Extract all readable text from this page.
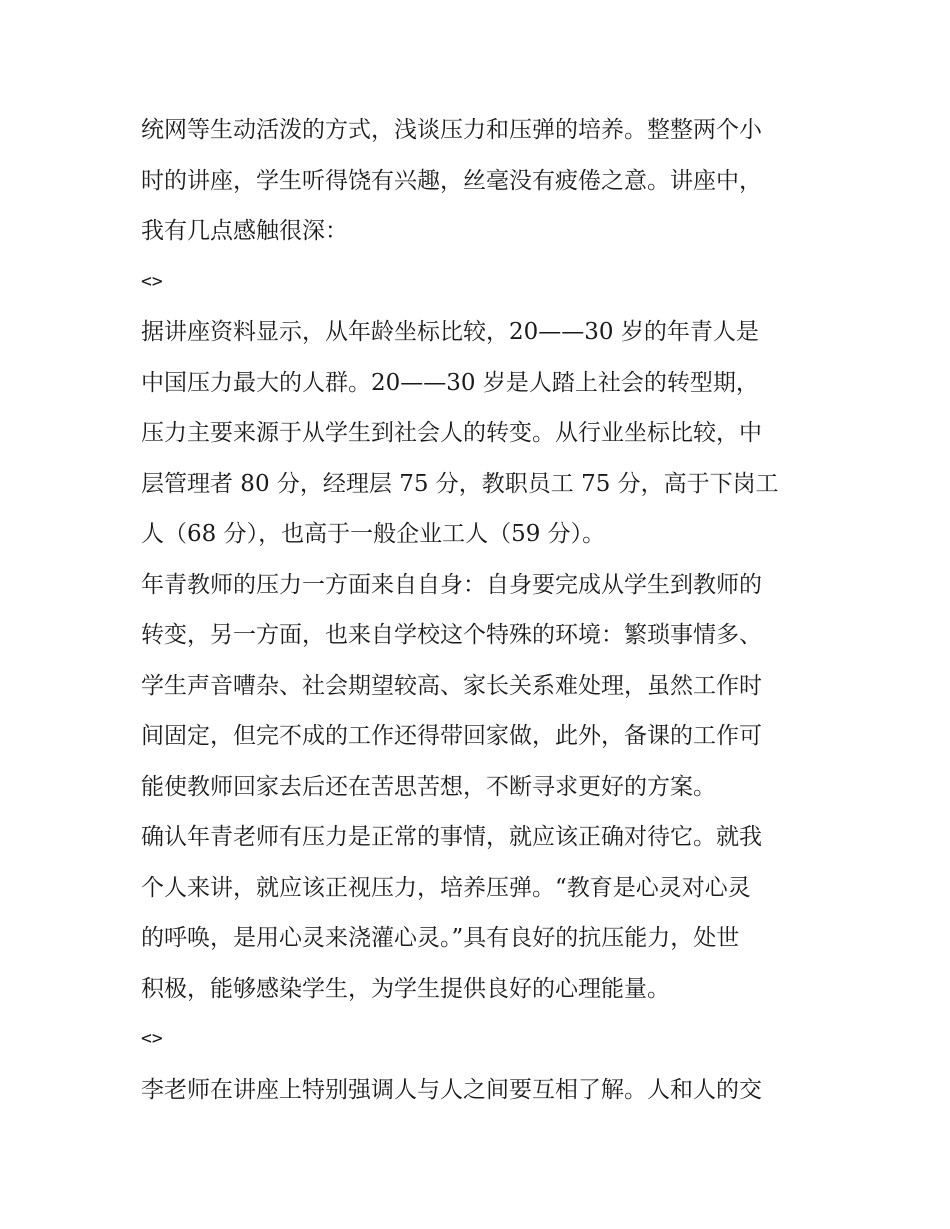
统网等生动活泼的方式，浅谈压力和压弹的培养。整整两个小
时的讲座，学生听得饶有兴趣，丝毫没有疲倦之意。讲座中，
我有几点感触很深：
<>
据讲座资料显示，从年龄坐标比较，20——30 岁的年青人是
中国压力最大的人群。20——30 岁是人踏上社会的转型期，
压力主要来源于从学生到社会人的转变。从行业坐标比较，中
层管理者 80 分，经理层 75 分，教职员工 75 分，高于下岗工
人（68 分），也高于一般企业工人（59 分）。
年青教师的压力一方面来自自身：自身要完成从学生到教师的
转变，另一方面，也来自学校这个特殊的环境：繁琐事情多、
学生声音嘈杂、社会期望较高、家长关系难处理，虽然工作时
间固定，但完不成的工作还得带回家做，此外，备课的工作可
能使教师回家去后还在苦思苦想，不断寻求更好的方案。
确认年青老师有压力是正常的事情，就应该正确对待它。就我
个人来讲，就应该正视压力，培养压弹。“教育是心灵对心灵
的呼唤，是用心灵来浇灌心灵。”具有良好的抗压能力，处世
积极，能够感染学生，为学生提供良好的心理能量。
<>
李老师在讲座上特别强调人与人之间要互相了解。人和人的交
